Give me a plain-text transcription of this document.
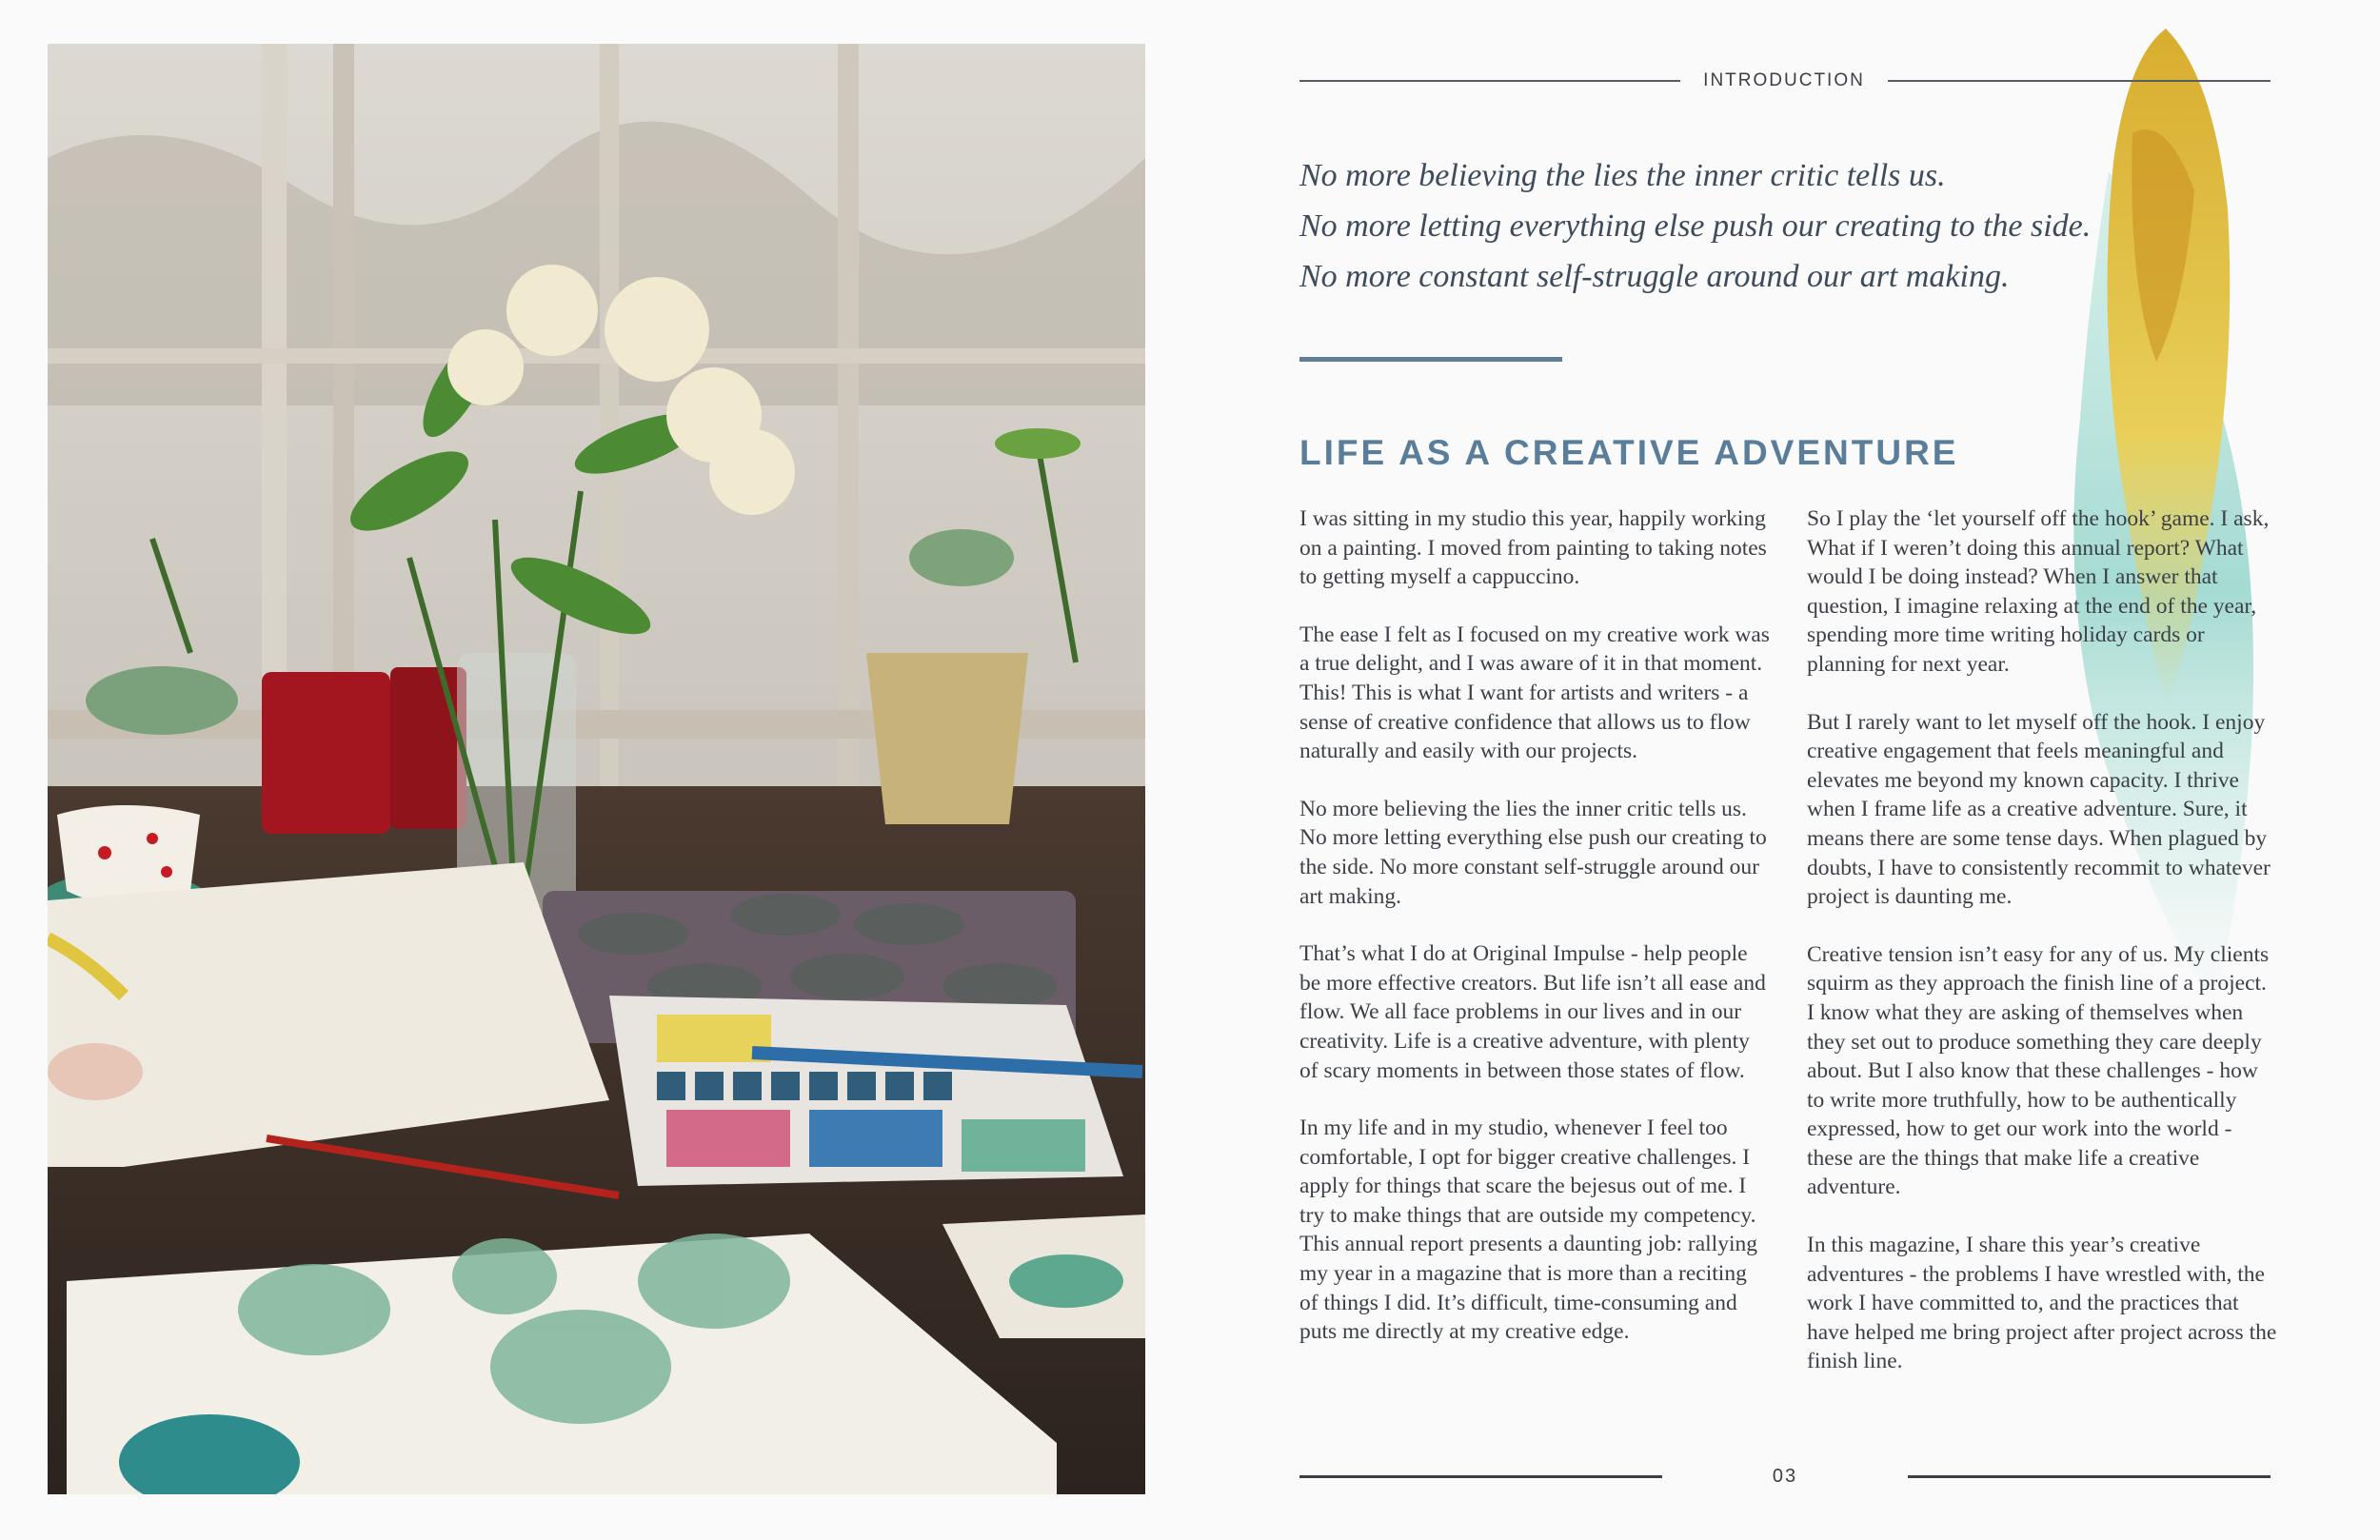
INTRODUCTION

No more believing the lies the inner critic tells us.

No more letting everything else push our creating to the side.

No more constant self-struggle around our art making.

LIFE AS A CREATIVE ADVENTURE

I was sitting in my studio this year, happily working on a painting. I moved from painting to taking notes to getting myself a cappuccino.

The ease I felt as I focused on my creative work was a true delight, and I was aware of it in that moment. This! This is what I want for artists and writers - a sense of creative confidence that allows us to flow naturally and easily with our projects.

No more believing the lies the inner critic tells us. No more letting everything else push our creating to the side. No more constant self-struggle around our art making.

That’s what I do at Original Impulse - help people be more effective creators. But life isn’t all ease and flow. We all face problems in our lives and in our creativity. Life is a creative adventure, with plenty of scary moments in between those states of flow.

In my life and in my studio, whenever I feel too comfortable, I opt for bigger creative challenges. I apply for things that scare the bejesus out of me. I try to make things that are outside my competency. This annual report presents a daunting job: rallying my year in a magazine that is more than a reciting of things I did. It’s difficult, time-consuming and puts me directly at my creative edge.

So I play the ‘let yourself off the hook’ game. I ask, What if I weren’t doing this annual report? What would I be doing instead? When I answer that question, I imagine relaxing at the end of the year, spending more time writing holiday cards or planning for next year.

But I rarely want to let myself off the hook. I enjoy creative engagement that feels meaningful and elevates me beyond my known capacity. I thrive when I frame life as a creative adventure. Sure, it means there are some tense days. When plagued by doubts, I have to consistently recommit to whatever project is daunting me.

Creative tension isn’t easy for any of us. My clients squirm as they approach the finish line of a project. I know what they are asking of themselves when they set out to produce something they care deeply about. But I also know that these challenges - how to write more truthfully, how to be authentically expressed, how to get our work into the world - these are the things that make life a creative adventure.

In this magazine, I share this year’s creative adventures - the problems I have wrestled with, the work I have committed to, and the practices that have helped me bring project after project across the finish line.

03
